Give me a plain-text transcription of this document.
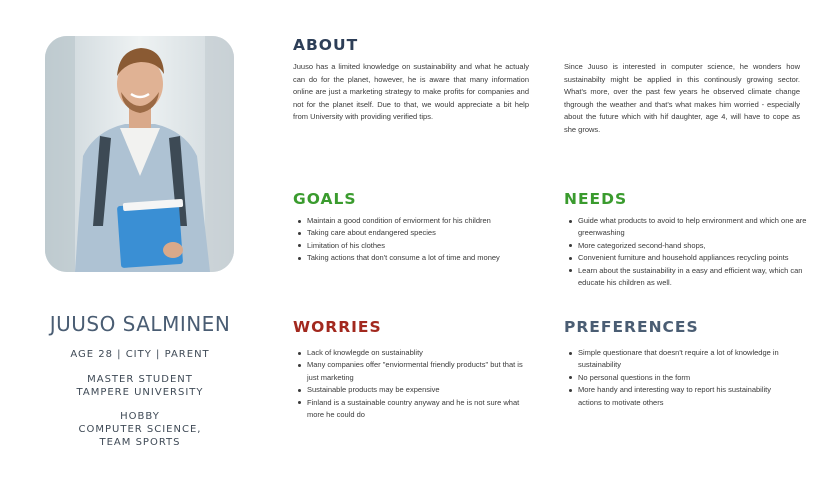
JUUSO SALMINEN
AGE 28 | CITY | PARENT
MASTER STUDENT
TAMPERE UNIVERSITY
HOBBY
COMPUTER SCIENCE,
TEAM SPORTS
ABOUT
Juuso has a limited knowledge on sustainability and what he actualy can do for the planet, however, he is aware that many information online are just a marketing strategy to make profits for companies and not for the planet itself. Due to that, we would appreciate a bit help from University with providing verified tips.
Since Juuso is interested in computer science, he wonders how sustainabilty might be applied in this continously growing sector. What's more, over the past few years he observed climate change thgrough the weather and that's what makes him worried - especially about the future which with hif daughter, age 4, will have to cope as she grows.
GOALS
Maintain a good condition of enviorment for his children
Taking care about endangered species
Limitation of his clothes
Taking actions that don't consume a lot of time and money
NEEDS
Guide what products to avoid to help environment and which one are greenwashing
More categorized second-hand shops,
Convenient furniture and household appliances recycling points
Learn about the sustainability in a easy and efficient way, which can educate his children as well.
WORRIES
Lack of knowlegde on sustainablity
Many companies offer "enviormental friendly products" but that is just marketing
Sustainable products may be expensive
Finland is a sustainable country anyway and he is not sure what more he could do
PREFERENCES
Simple questionare that doesn't require a lot of knowledge in sustainability
No personal questions in the form
More handy and interesting way to report his sustainability actions to motivate others
